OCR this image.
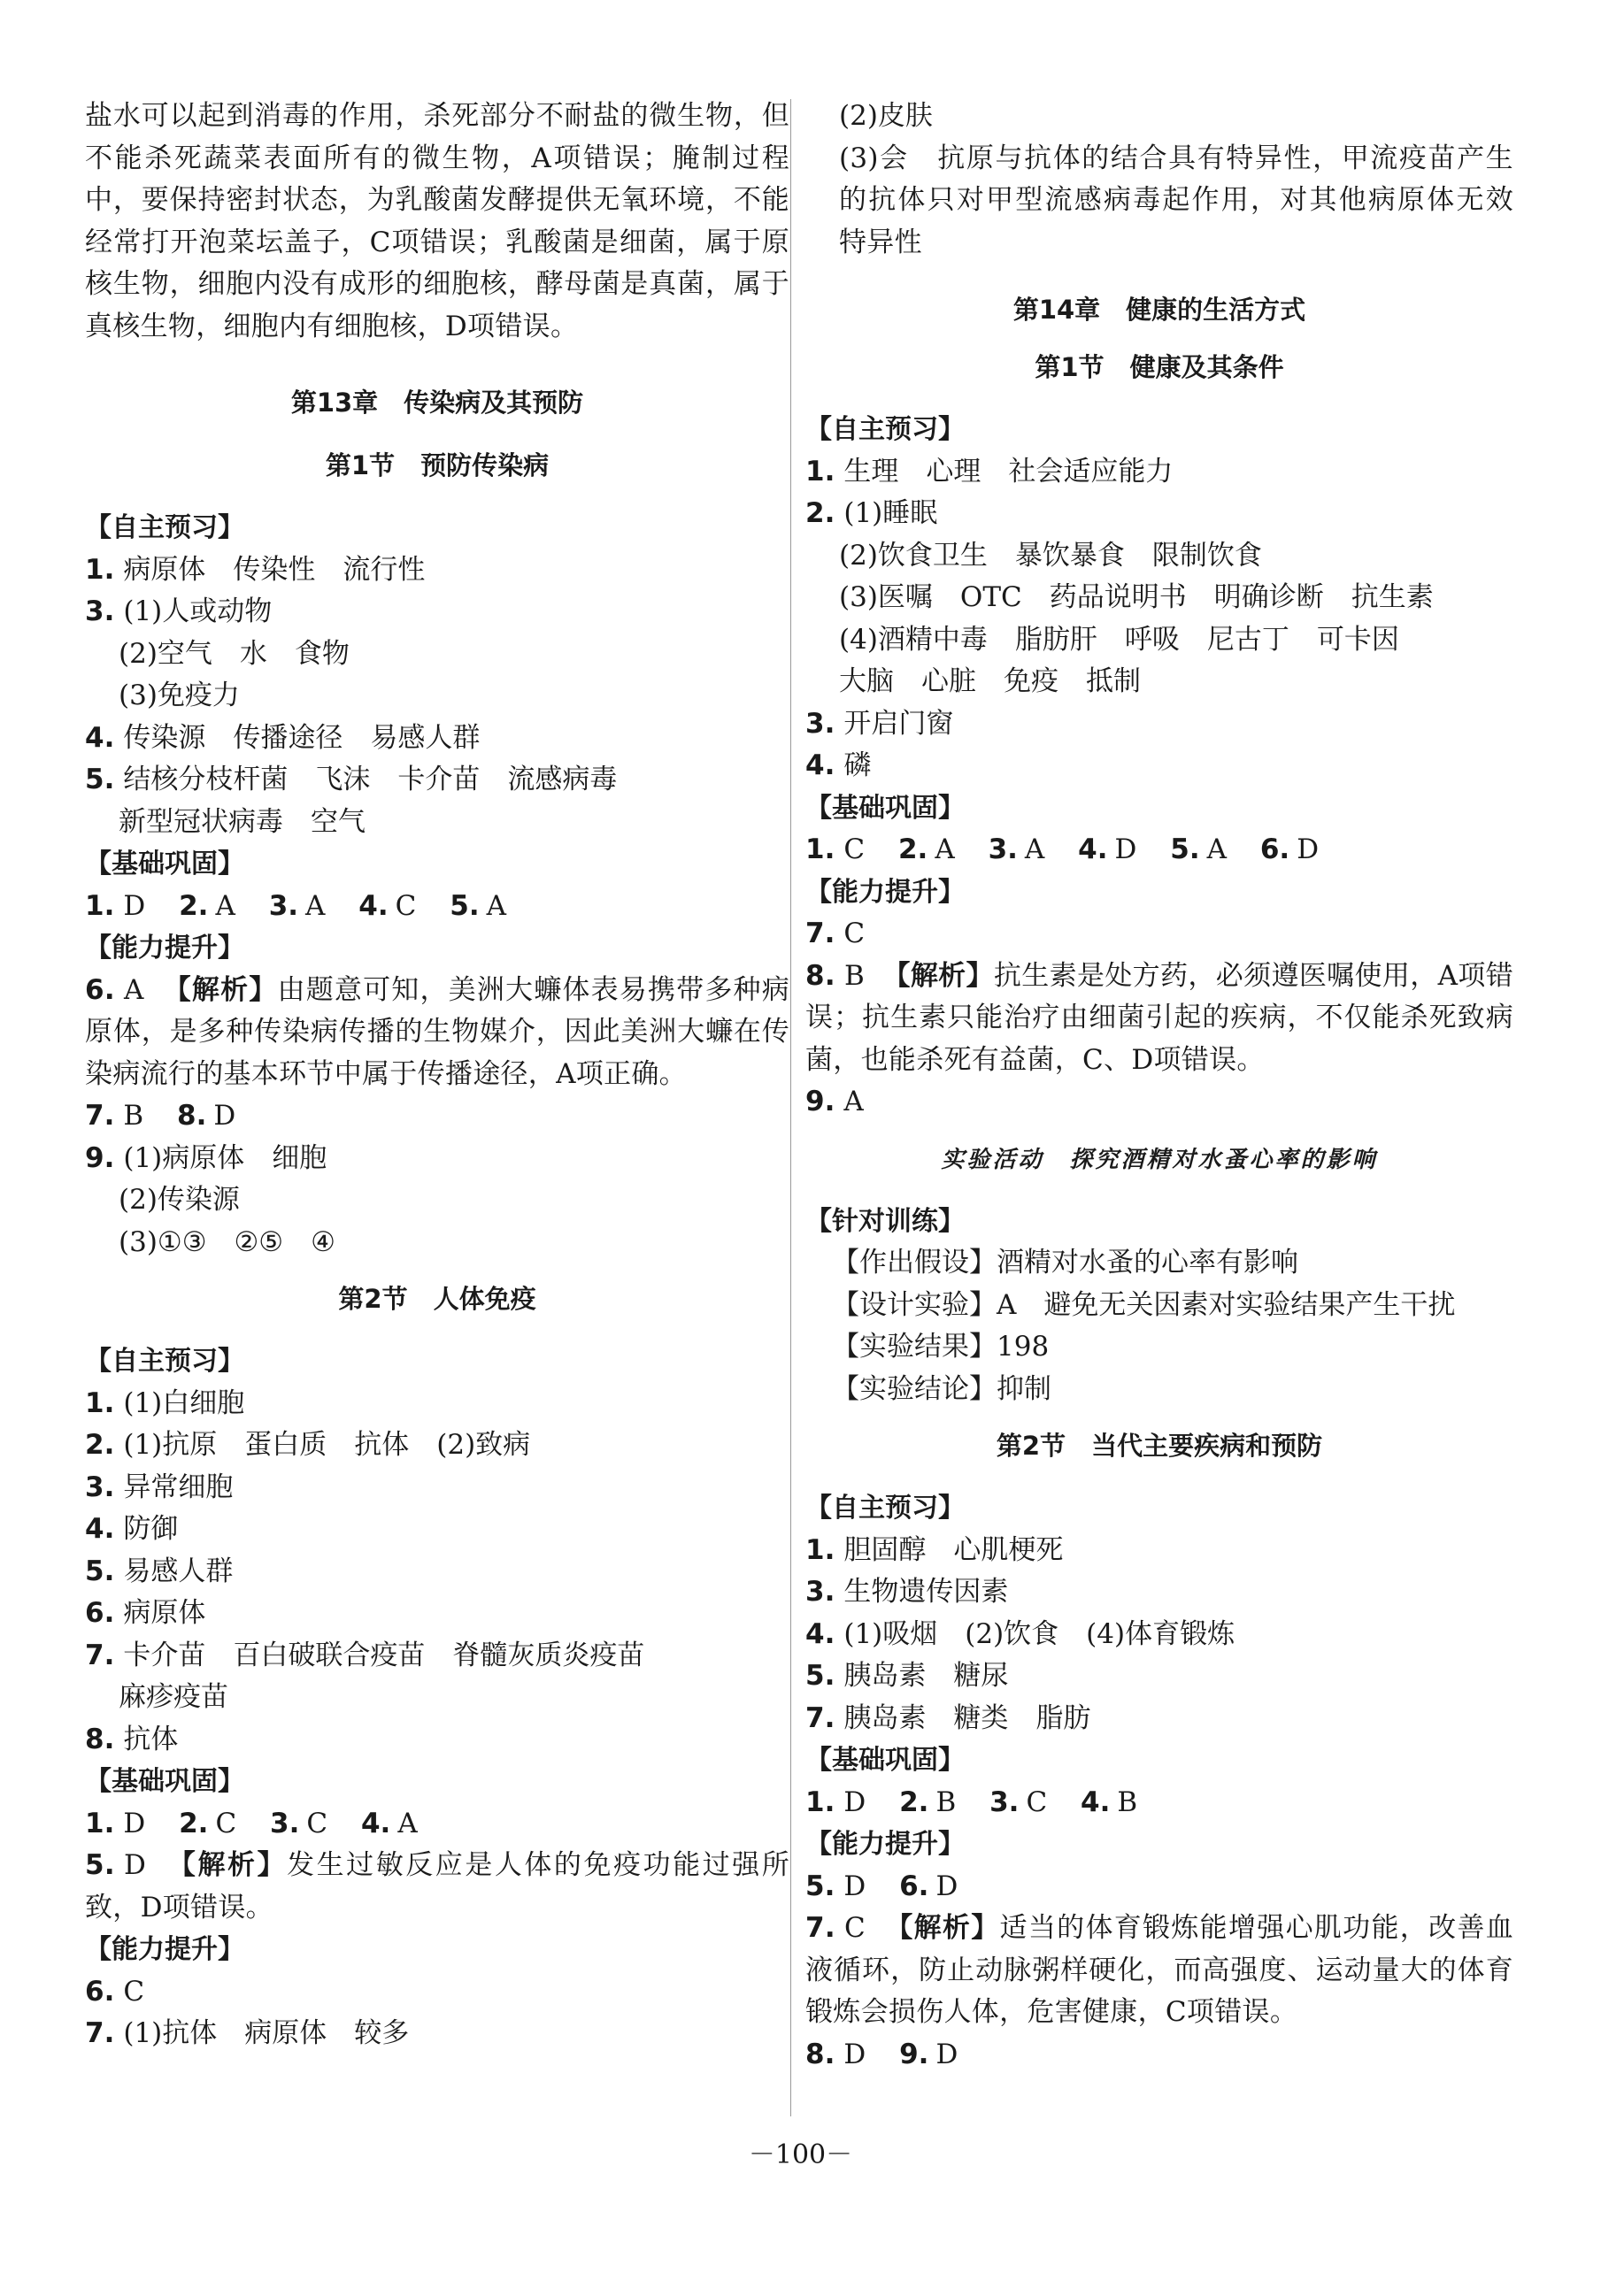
盐水可以起到消毒的作用，杀死部分不耐盐的微生物，但不能杀死蔬菜表面所有的微生物，A项错误；腌制过程中，要保持密封状态，为乳酸菌发酵提供无氧环境，不能经常打开泡菜坛盖子，C项错误；乳酸菌是细菌，属于原核生物，细胞内没有成形的细胞核，酵母菌是真菌，属于真核生物，细胞内有细胞核，D项错误。
第13章　传染病及其预防
第1节　预防传染病
【自主预习】
1. 病原体　传染性　流行性
3. (1)人或动物
(2)空气　水　食物
(3)免疫力
4. 传染源　传播途径　易感人群
5. 结核分枝杆菌　飞沫　卡介苗　流感病毒
新型冠状病毒　空气
【基础巩固】
1. D 2. A 3. A 4. C 5. A
【能力提升】
6. A 【解析】由题意可知，美洲大蠊体表易携带多种病原体，是多种传染病传播的生物媒介，因此美洲大蠊在传染病流行的基本环节中属于传播途径，A项正确。
7. B 8. D
9. (1)病原体　细胞
(2)传染源
(3)①③　②⑤　④
第2节　人体免疫
【自主预习】
1. (1)白细胞
2. (1)抗原　蛋白质　抗体　(2)致病
3. 异常细胞
4. 防御
5. 易感人群
6. 病原体
7. 卡介苗　百白破联合疫苗　脊髓灰质炎疫苗
麻疹疫苗
8. 抗体
【基础巩固】
1. D 2. C 3. C 4. A
5. D 【解析】发生过敏反应是人体的免疫功能过强所致，D项错误。
【能力提升】
6. C
7. (1)抗体　病原体　较多
(2)皮肤
(3)会　抗原与抗体的结合具有特异性，甲流疫苗产生的抗体只对甲型流感病毒起作用，对其他病原体无效　特异性
第14章　健康的生活方式
第1节　健康及其条件
【自主预习】
1. 生理　心理　社会适应能力
2. (1)睡眠
(2)饮食卫生　暴饮暴食　限制饮食
(3)医嘱　OTC　药品说明书　明确诊断　抗生素
(4)酒精中毒　脂肪肝　呼吸　尼古丁　可卡因
大脑　心脏　免疫　抵制
3. 开启门窗
4. 磷
【基础巩固】
1. C 2. A 3. A 4. D 5. A 6. D
【能力提升】
7. C
8. B 【解析】抗生素是处方药，必须遵医嘱使用，A项错误；抗生素只能治疗由细菌引起的疾病，不仅能杀死致病菌，也能杀死有益菌，C、D项错误。
9. A
实验活动　探究酒精对水蚤心率的影响
【针对训练】
【作出假设】酒精对水蚤的心率有影响
【设计实验】A　避免无关因素对实验结果产生干扰
【实验结果】198
【实验结论】抑制
第2节　当代主要疾病和预防
【自主预习】
1. 胆固醇　心肌梗死
3. 生物遗传因素
4. (1)吸烟　(2)饮食　(4)体育锻炼
5. 胰岛素　糖尿
7. 胰岛素　糖类　脂肪
【基础巩固】
1. D 2. B 3. C 4. B
【能力提升】
5. D 6. D
7. C 【解析】适当的体育锻炼能增强心肌功能，改善血液循环，防止动脉粥样硬化，而高强度、运动量大的体育锻炼会损伤人体，危害健康，C项错误。
8. D 9. D
－100－
